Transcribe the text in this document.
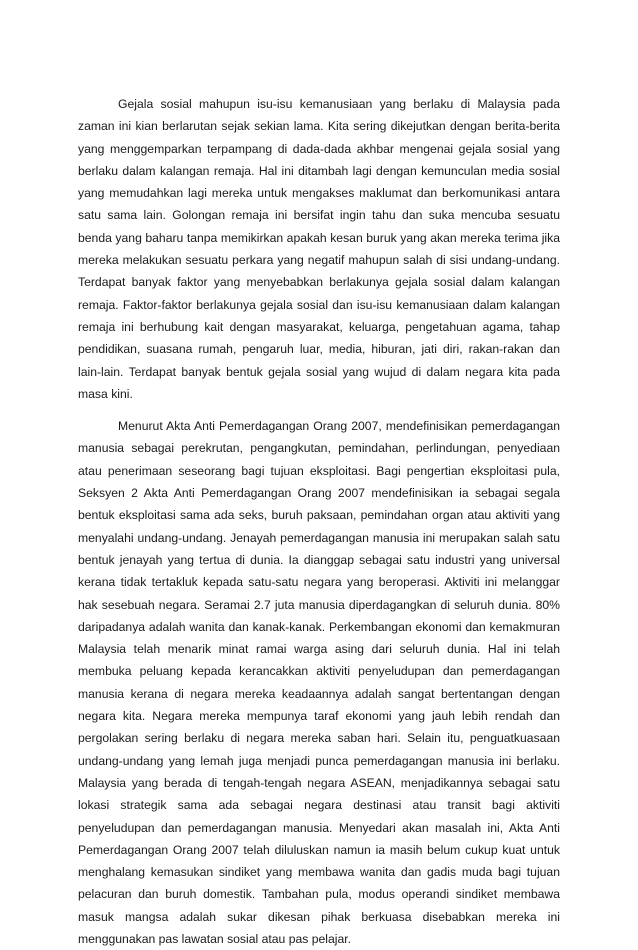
Gejala sosial mahupun isu-isu kemanusiaan yang berlaku di Malaysia pada zaman ini kian berlarutan sejak sekian lama. Kita sering dikejutkan dengan berita-berita yang menggemparkan terpampang di dada-dada akhbar mengenai gejala sosial yang berlaku dalam kalangan remaja. Hal ini ditambah lagi dengan kemunculan media sosial yang memudahkan lagi mereka untuk mengakses maklumat dan berkomunikasi antara satu sama lain. Golongan remaja ini bersifat ingin tahu dan suka mencuba sesuatu benda yang baharu tanpa memikirkan apakah kesan buruk yang akan mereka terima jika mereka melakukan sesuatu perkara yang negatif mahupun salah di sisi undang-undang. Terdapat banyak faktor yang menyebabkan berlakunya gejala sosial dalam kalangan remaja. Faktor-faktor berlakunya gejala sosial dan isu-isu kemanusiaan dalam kalangan remaja ini berhubung kait dengan masyarakat, keluarga, pengetahuan agama, tahap pendidikan, suasana rumah, pengaruh luar, media, hiburan, jati diri, rakan-rakan dan lain-lain. Terdapat banyak bentuk gejala sosial yang wujud di dalam negara kita pada masa kini.

Menurut Akta Anti Pemerdagangan Orang 2007, mendefinisikan pemerdagangan manusia sebagai perekrutan, pengangkutan, pemindahan, perlindungan, penyediaan atau penerimaan seseorang bagi tujuan eksploitasi. Bagi pengertian eksploitasi pula, Seksyen 2 Akta Anti Pemerdagangan Orang 2007 mendefinisikan ia sebagai segala bentuk eksploitasi sama ada seks, buruh paksaan, pemindahan organ atau aktiviti yang menyalahi undang-undang. Jenayah pemerdagangan manusia ini merupakan salah satu bentuk jenayah yang tertua di dunia. Ia dianggap sebagai satu industri yang universal kerana tidak tertakluk kepada satu-satu negara yang beroperasi. Aktiviti ini melanggar hak sesebuah negara. Seramai 2.7 juta manusia diperdagangkan di seluruh dunia. 80% daripadanya adalah wanita dan kanak-kanak. Perkembangan ekonomi dan kemakmuran Malaysia telah menarik minat ramai warga asing dari seluruh dunia. Hal ini telah membuka peluang kepada kerancakkan aktiviti penyeludupan dan pemerdagangan manusia kerana di negara mereka keadaannya adalah sangat bertentangan dengan negara kita. Negara mereka mempunya taraf ekonomi yang jauh lebih rendah dan pergolakan sering berlaku di negara mereka saban hari. Selain itu, penguatkuasaan undang-undang yang lemah juga menjadi punca pemerdagangan manusia ini berlaku. Malaysia yang berada di tengah-tengah negara ASEAN, menjadikannya sebagai satu lokasi strategik sama ada sebagai negara destinasi atau transit bagi aktiviti penyeludupan dan pemerdagangan manusia. Menyedari akan masalah ini, Akta Anti Pemerdagangan Orang 2007 telah diluluskan namun ia masih belum cukup kuat untuk menghalang kemasukan sindiket yang membawa wanita dan gadis muda bagi tujuan pelacuran dan buruh domestik. Tambahan pula, modus operandi sindiket membawa masuk mangsa adalah sukar dikesan pihak berkuasa disebabkan mereka ini menggunakan pas lawatan sosial atau pas pelajar.
